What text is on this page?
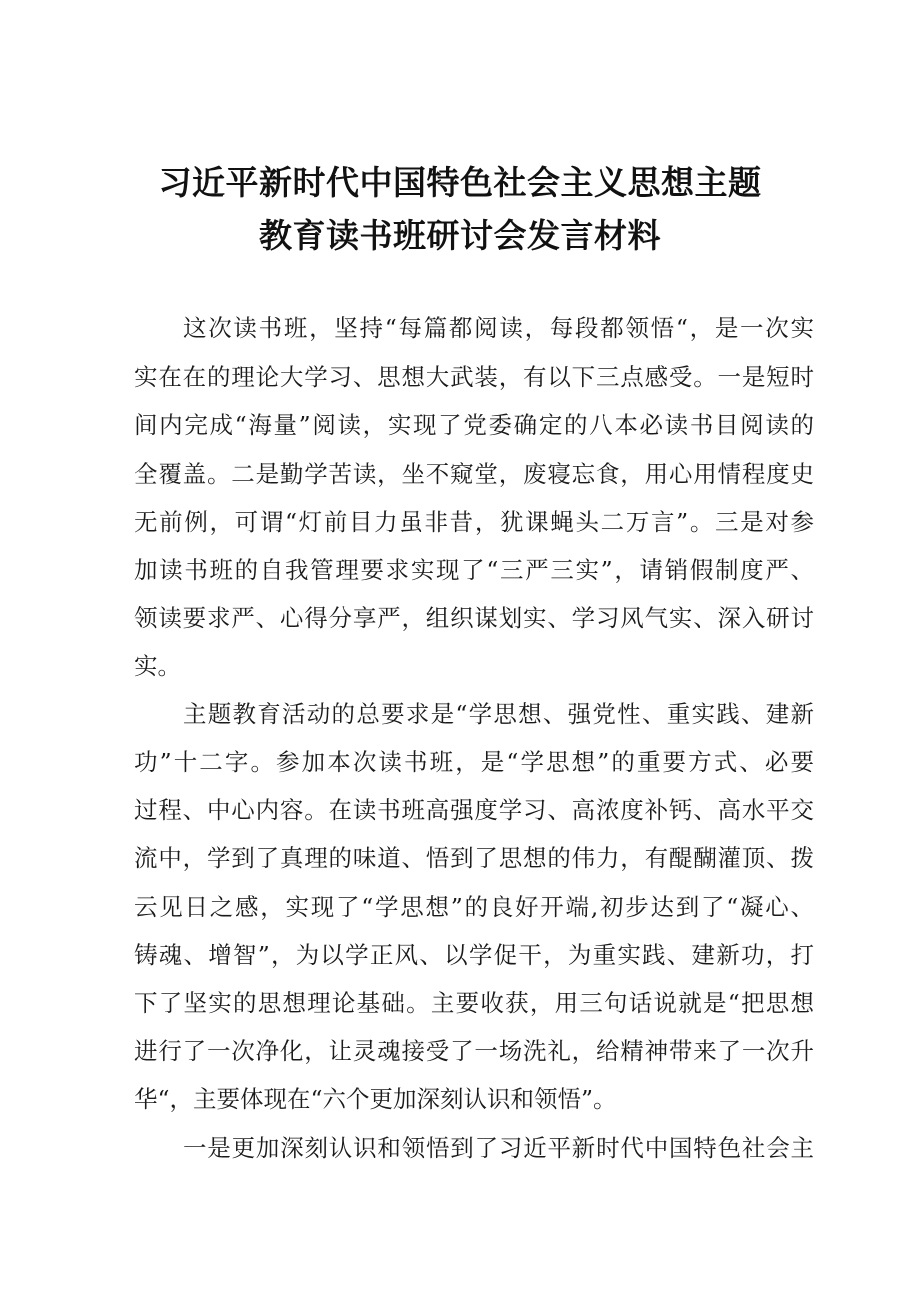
习近平新时代中国特色社会主义思想主题
教育读书班研讨会发言材料
这次读书班，坚持“每篇都阅读，每段都领悟“，是一次实
实在在的理论大学习、思想大武装，有以下三点感受。一是短时
间内完成“海量”阅读，实现了党委确定的八本必读书目阅读的
全覆盖。二是勤学苦读，坐不窥堂，废寝忘食，用心用情程度史
无前例，可谓“灯前目力虽非昔，犹课蝇头二万言”。三是对参
加读书班的自我管理要求实现了“三严三实”，请销假制度严、
领读要求严、心得分享严，组织谋划实、学习风气实、深入研讨
实。
主题教育活动的总要求是“学思想、强党性、重实践、建新
功”十二字。参加本次读书班，是“学思想”的重要方式、必要
过程、中心内容。在读书班高强度学习、高浓度补钙、高水平交
流中，学到了真理的味道、悟到了思想的伟力，有醍醐灌顶、拨
云见日之感，实现了“学思想”的良好开端,初步达到了“凝心、
铸魂、增智”，为以学正风、以学促干，为重实践、建新功，打
下了坚实的思想理论基础。主要收获，用三句话说就是“把思想
进行了一次净化，让灵魂接受了一场洗礼，给精神带来了一次升
华“，主要体现在“六个更加深刻认识和领悟”。
一是更加深刻认识和领悟到了习近平新时代中国特色社会主
